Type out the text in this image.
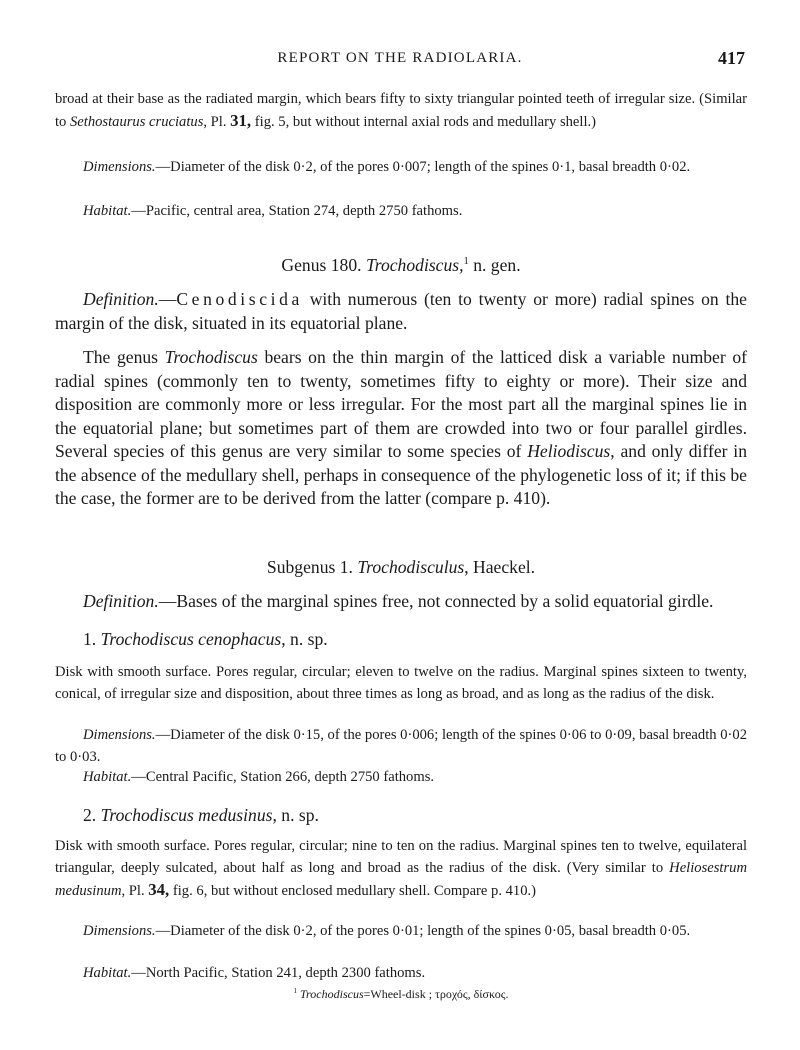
REPORT ON THE RADIOLARIA.	417

broad at their base as the radiated margin, which bears fifty to sixty triangular pointed teeth of irregular size. (Similar to Sethostaurus cruciatus, Pl. 31, fig. 5, but without internal axial rods and medullary shell.)

Dimensions.—Diameter of the disk 0·2, of the pores 0·007; length of the spines 0·1, basal breadth 0·02.

Habitat.—Pacific, central area, Station 274, depth 2750 fathoms.

Genus 180. Trochodiscus,$^1$ n. gen.

Definition.—Cenodiscida with numerous (ten to twenty or more) radial spines on the margin of the disk, situated in its equatorial plane.

The genus Trochodiscus bears on the thin margin of the latticed disk a variable number of radial spines (commonly ten to twenty, sometimes fifty to eighty or more). Their size and disposition are commonly more or less irregular. For the most part all the marginal spines lie in the equatorial plane; but sometimes part of them are crowded into two or four parallel girdles. Several species of this genus are very similar to some species of Heliodiscus, and only differ in the absence of the medullary shell, perhaps in consequence of the phylogenetic loss of it; if this be the case, the former are to be derived from the latter (compare p. 410).

Subgenus 1. Trochodisculus, Haeckel.

Definition.—Bases of the marginal spines free, not connected by a solid equatorial girdle.

1. Trochodiscus cenophacus, n. sp.

Disk with smooth surface. Pores regular, circular; eleven to twelve on the radius. Marginal spines sixteen to twenty, conical, of irregular size and disposition, about three times as long as broad, and as long as the radius of the disk.

Dimensions.—Diameter of the disk 0·15, of the pores 0·006; length of the spines 0·06 to 0·09, basal breadth 0·02 to 0·03.

Habitat.—Central Pacific, Station 266, depth 2750 fathoms.

2. Trochodiscus medusinus, n. sp.

Disk with smooth surface. Pores regular, circular; nine to ten on the radius. Marginal spines ten to twelve, equilateral triangular, deeply sulcated, about half as long and broad as the radius of the disk. (Very similar to Heliosestrum medusinum, Pl. 34, fig. 6, but without enclosed medullary shell. Compare p. 410.)

Dimensions.—Diameter of the disk 0·2, of the pores 0·01; length of the spines 0·05, basal breadth 0·05.

Habitat.—North Pacific, Station 241, depth 2300 fathoms.

$^1$ Trochodiscus=Wheel-disk ; τροχός, δίσκος.
